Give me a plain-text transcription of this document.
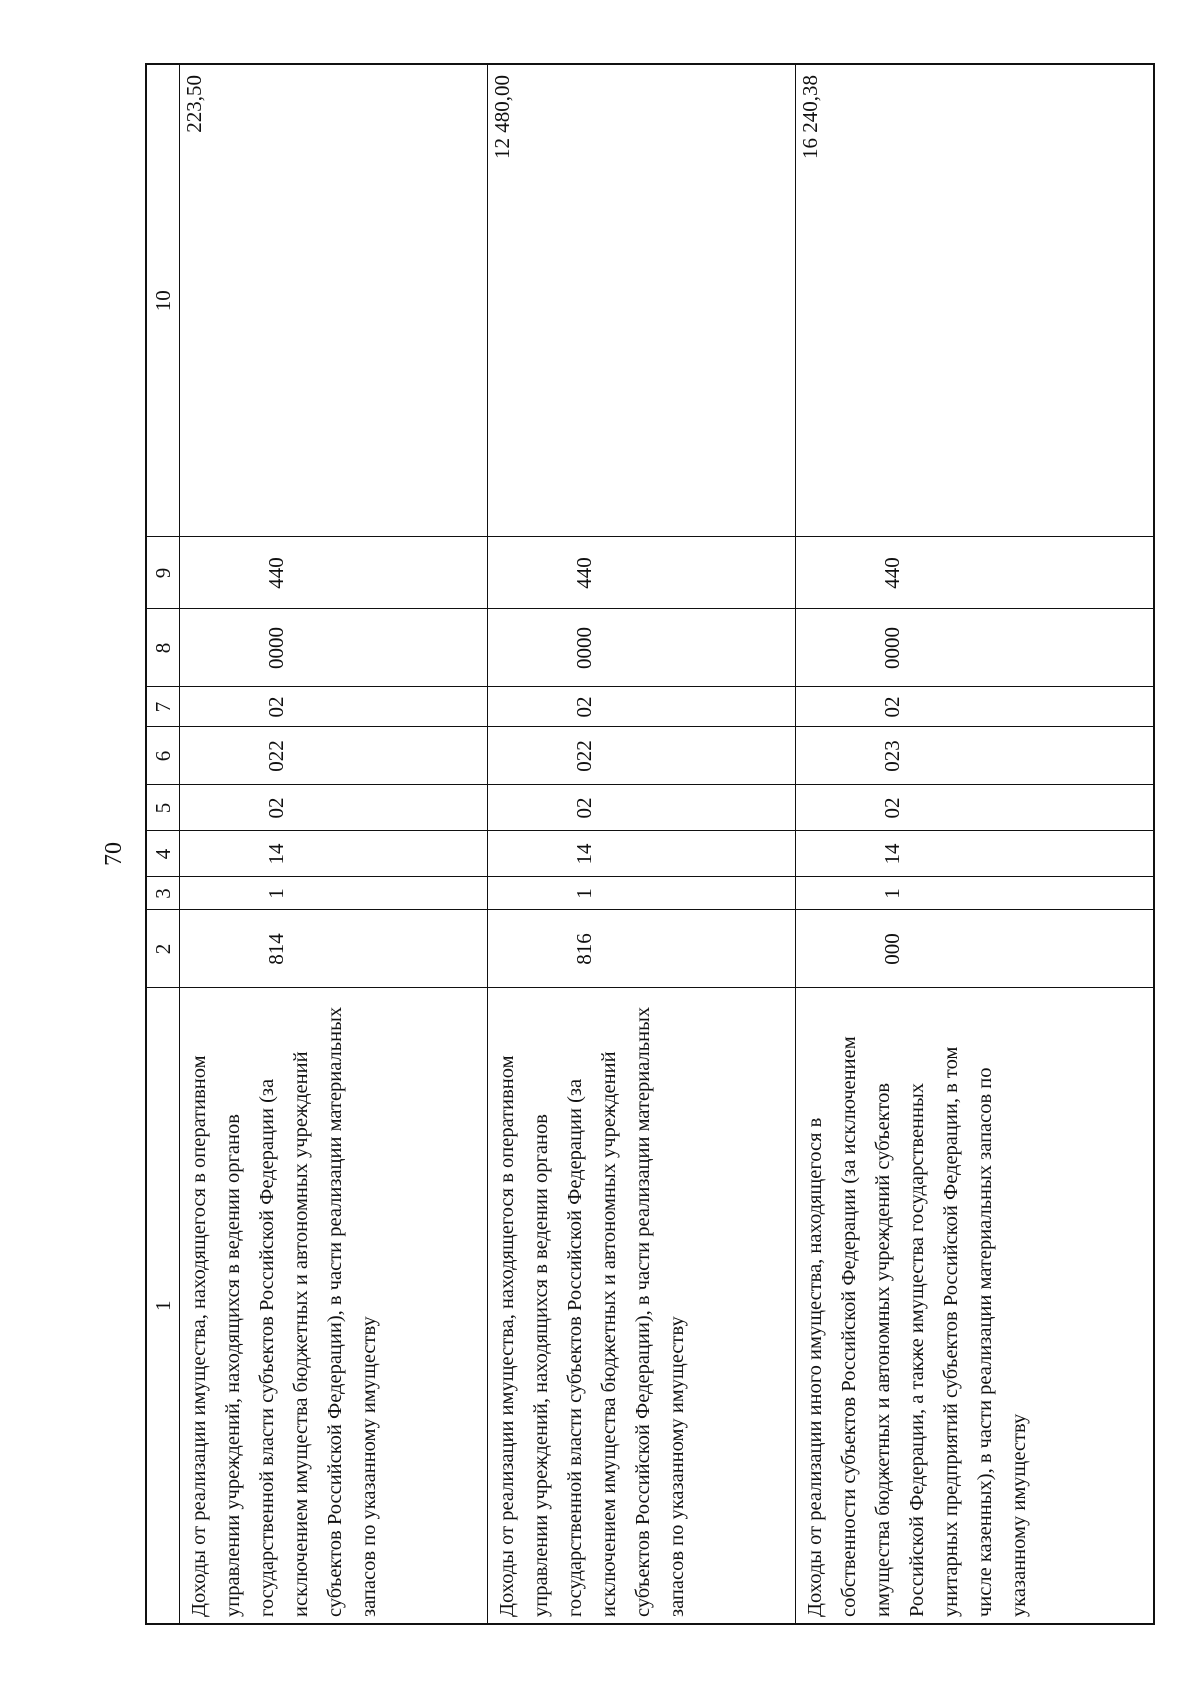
70
1	2	3	4	5	6	7	8	9	10
Доходы от реализации имущества, находящегося в оперативном управлении учреждений, находящихся в ведении органов государственной власти субъектов Российской Федерации (за исключением имущества бюджетных и автономных учреждений субъектов Российской Федерации), в части реализации материальных запасов по указанному имуществу	814	1	14	02	022	02	0000	440	223,50
Доходы от реализации имущества, находящегося в оперативном управлении учреждений, находящихся в ведении органов государственной власти субъектов Российской Федерации (за исключением имущества бюджетных и автономных учреждений субъектов Российской Федерации), в части реализации материальных запасов по указанному имуществу	816	1	14	02	022	02	0000	440	12 480,00
Доходы от реализации иного имущества, находящегося в собственности субъектов Российской Федерации (за исключением имущества бюджетных и автономных учреждений субъектов Российской Федерации, а также имущества государственных унитарных предприятий субъектов Российской Федерации, в том числе казенных), в части реализации материальных запасов по указанному имуществу	000	1	14	02	023	02	0000	440	16 240,38
